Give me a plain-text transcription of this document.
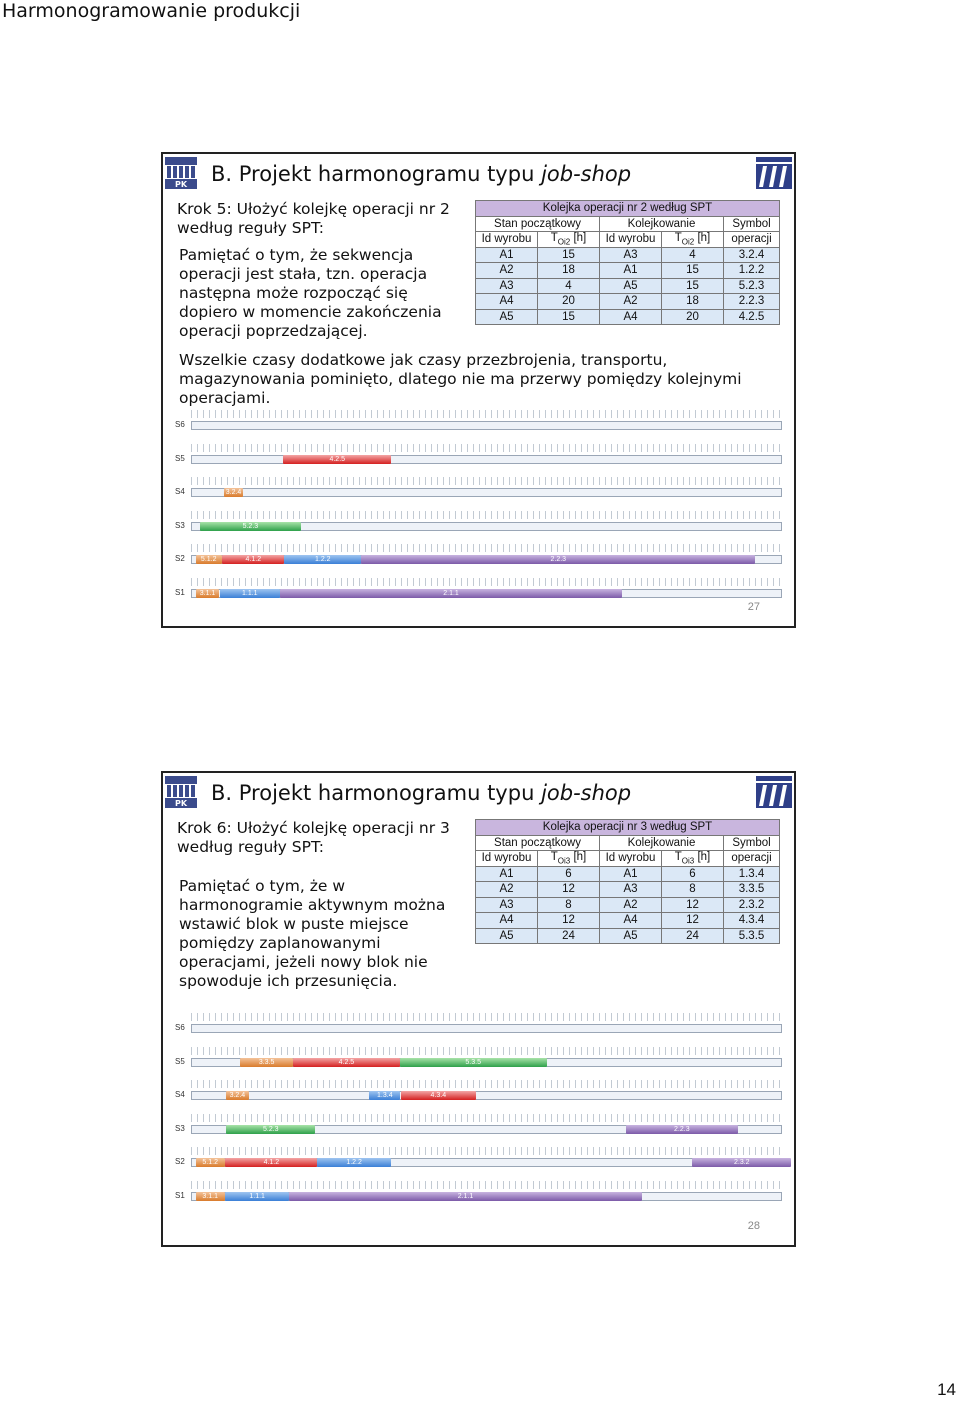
Harmonogramowanie produkcji
PK B. Projekt harmonogramu typu job-shop
Krok 5: Ułożyć kolejkę operacji nr 2 według reguły SPT:
Pamiętać o tym, że sekwencja operacji jest stała, tzn. operacja następna może rozpocząć się dopiero w momencie zakończenia operacji poprzedzającej.
Kolejka operacji nr 2 według SPT				
Stan początkowy		Kolejkowanie		Symbol
Id wyrobu	$T_{Oi2}$ [h]	Id wyrobu	$T_{Oi2}$ [h]	operacji
A1	15	A3	4	3.2.4
A2	18	A1	15	1.2.2
A3	4	A5	15	5.2.3
A4	20	A2	18	2.2.3
A5	15	A4	20	4.2.5
Wszelkie czasy dodatkowe jak czasy przezbrojenia, transportu, magazynowania pominięto, dlatego nie ma przerwy pomiędzy kolejnymi operacjami.
S6
S5
S4
S3
S2
S1
4.2.5
3.2.4
5.2.3
5.1.2	4.1.2	1.2.2	2.2.3
3.1.1	1.1.1	2.1.1
27
PK B. Projekt harmonogramu typu job-shop
Krok 6: Ułożyć kolejkę operacji nr 3 według reguły SPT:
Pamiętać o tym, że w harmonogramie aktywnym można wstawić blok w puste miejsce pomiędzy zaplanowanymi operacjami, jeżeli nowy blok nie spowoduje ich przesunięcia.
Kolejka operacji nr 3 według SPT				
Stan początkowy		Kolejkowanie		Symbol
Id wyrobu	$T_{Oi3}$ [h]	Id wyrobu	$T_{Oi3}$ [h]	operacji
A1	6	A1	6	1.3.4
A2	12	A3	8	3.3.5
A3	8	A2	12	2.3.2
A4	12	A4	12	4.3.4
A5	24	A5	24	5.3.5
S6
S5
S4
S3
S2
S1
3.3.5	4.2.5	5.3.5
3.2.4	1.3.4	4.3.4
5.2.3	2.2.3
5.1.2	4.1.2	1.2.2	2.3.2
3.1.1	1.1.1	2.1.1
28
14
